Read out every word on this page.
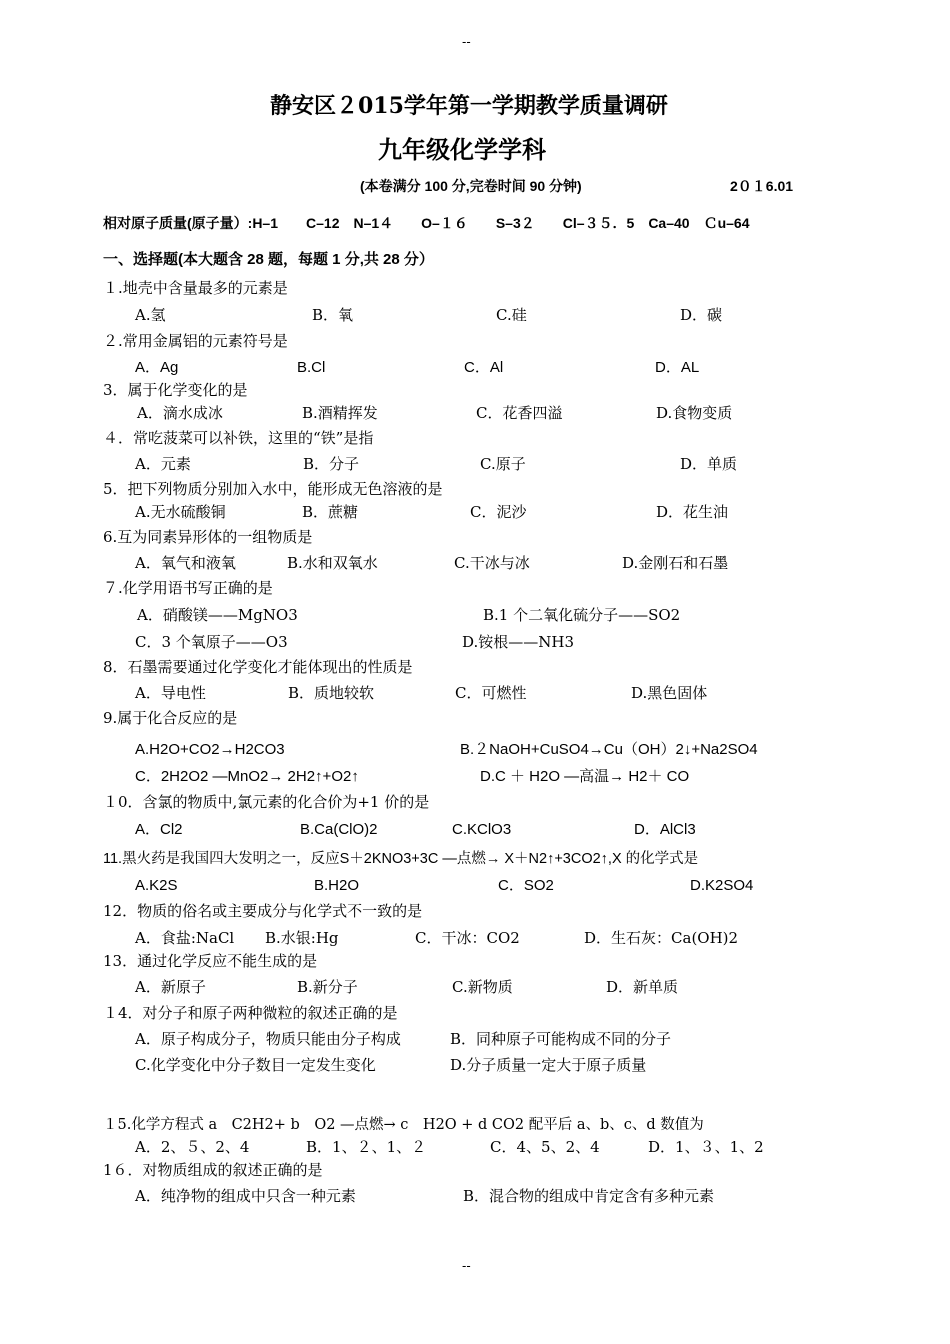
--
静安区２015学年第一学期教学质量调研
九年级化学学科
(本卷满分 100 分,完卷时间 90 分钟)	2０１6.01
相对原子质量(原子量）:H–1　　C–12　N–1４　　O–１６　　S–3２　　Cl–３５．5　Ca–40　Ｃu–64
一、选择题(本大题含 28 题，每题 1 分,共 28 分）
１.地壳中含量最多的元素是
A.氢	B．氧	C.硅	D．碳
２.常用金属铝的元素符号是
A．Ag	B.Cl	C．Al	D．AL
3．属于化学变化的是
A．滴水成冰	B.酒精挥发	C．花香四溢	D.食物变质
４．常吃菠菜可以补铁，这里的“铁”是指
A．元素	B．分子	C.原子	D．单质
5．把下列物质分别加入水中，能形成无色溶液的是
A.无水硫酸铜	B．蔗糖	C．泥沙	D．花生油
6.互为同素异形体的一组物质是
A．氧气和液氧	B.水和双氧水	C.干冰与冰	D.金刚石和石墨
７.化学用语书写正确的是
A．硝酸镁——MgNO3	B.1 个二氧化硫分子——SO2
C．3 个氧原子——O3	D.铵根——NH3
8．石墨需要通过化学变化才能体现出的性质是
A．导电性	B．质地较软	C．可燃性	D.黑色固体
9.属于化合反应的是
A.H2O+CO2→H2CO3	B.２NaOH+CuSO4→Cu（OH）2↓+Na2SO4
C．2H2O2 —MnO2→ 2H2↑+O2↑	D.C ＋ H2O —高温→ H2＋ CO
１0．含氯的物质中,氯元素的化合价为+1 价的是
A．Cl2	B.Ca(ClO)2	C.KClO3	D．AlCl3
11.黑火药是我国四大发明之一，反应S＋2KNO3+3C —点燃→ X＋N2↑+3CO2↑,X 的化学式是
A.K2S	B.H2O	C．SO2	D.K2SO4
12．物质的俗名或主要成分与化学式不一致的是
A．食盐:NaCl B.水银:Hg	C．干冰：CO2	D．生石灰：Ca(OH)2
13．通过化学反应不能生成的是
A．新原子	B.新分子	C.新物质	D．新单质
１4．对分子和原子两种微粒的叙述正确的是
A．原子构成分子，物质只能由分子构成	B．同种原子可能构成不同的分子
C.化学变化中分子数目一定发生变化	D.分子质量一定大于原子质量
１5.化学方程式 a　C2H2+ b　O2 —点燃→ c　H2O + d CO2 配平后 a、b、c、d 数值为
A．2、５、2、4	B．1、２、1、２	C．4、5、2、4	D．1、３、1、2
1６．对物质组成的叙述正确的是
A．纯净物的组成中只含一种元素	B．混合物的组成中肯定含有多种元素
--
